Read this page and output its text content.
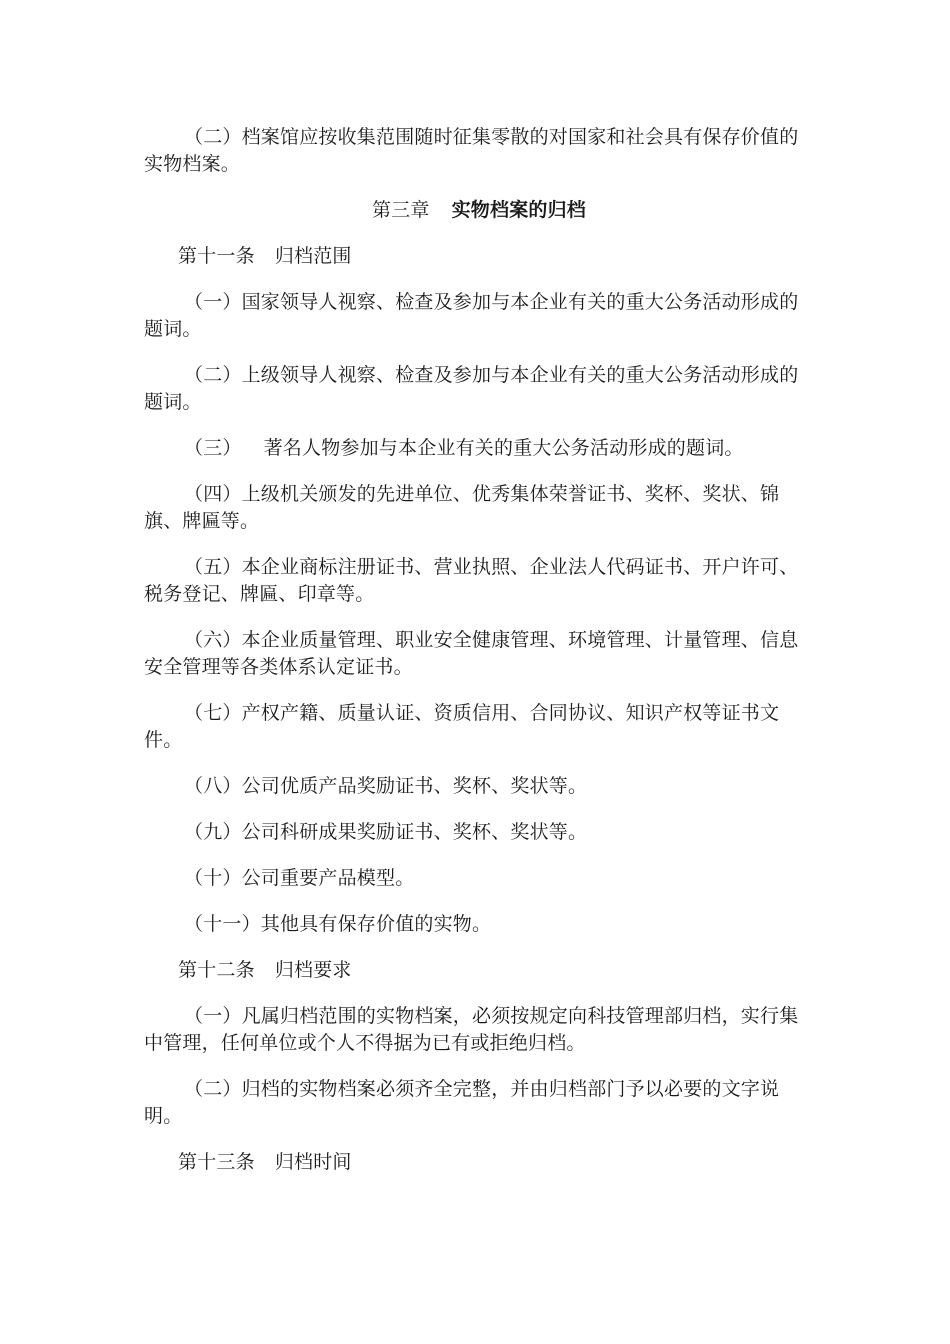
（二）档案馆应按收集范围随时征集零散的对国家和社会具有保存价值的实物档案。

第三章 实物档案的归档

第十一条 归档范围

（一）国家领导人视察、检查及参加与本企业有关的重大公务活动形成的题词。

（二）上级领导人视察、检查及参加与本企业有关的重大公务活动形成的题词。

（三） 著名人物参加与本企业有关的重大公务活动形成的题词。

（四）上级机关颁发的先进单位、优秀集体荣誉证书、奖杯、奖状、锦旗、牌匾等。

（五）本企业商标注册证书、营业执照、企业法人代码证书、开户许可、税务登记、牌匾、印章等。

（六）本企业质量管理、职业安全健康管理、环境管理、计量管理、信息安全管理等各类体系认定证书。

（七）产权产籍、质量认证、资质信用、合同协议、知识产权等证书文件。

（八）公司优质产品奖励证书、奖杯、奖状等。

（九）公司科研成果奖励证书、奖杯、奖状等。

（十）公司重要产品模型。

（十一）其他具有保存价值的实物。

第十二条 归档要求

（一）凡属归档范围的实物档案，必须按规定向科技管理部归档，实行集中管理，任何单位或个人不得据为已有或拒绝归档。

（二）归档的实物档案必须齐全完整，并由归档部门予以必要的文字说明。

第十三条 归档时间
